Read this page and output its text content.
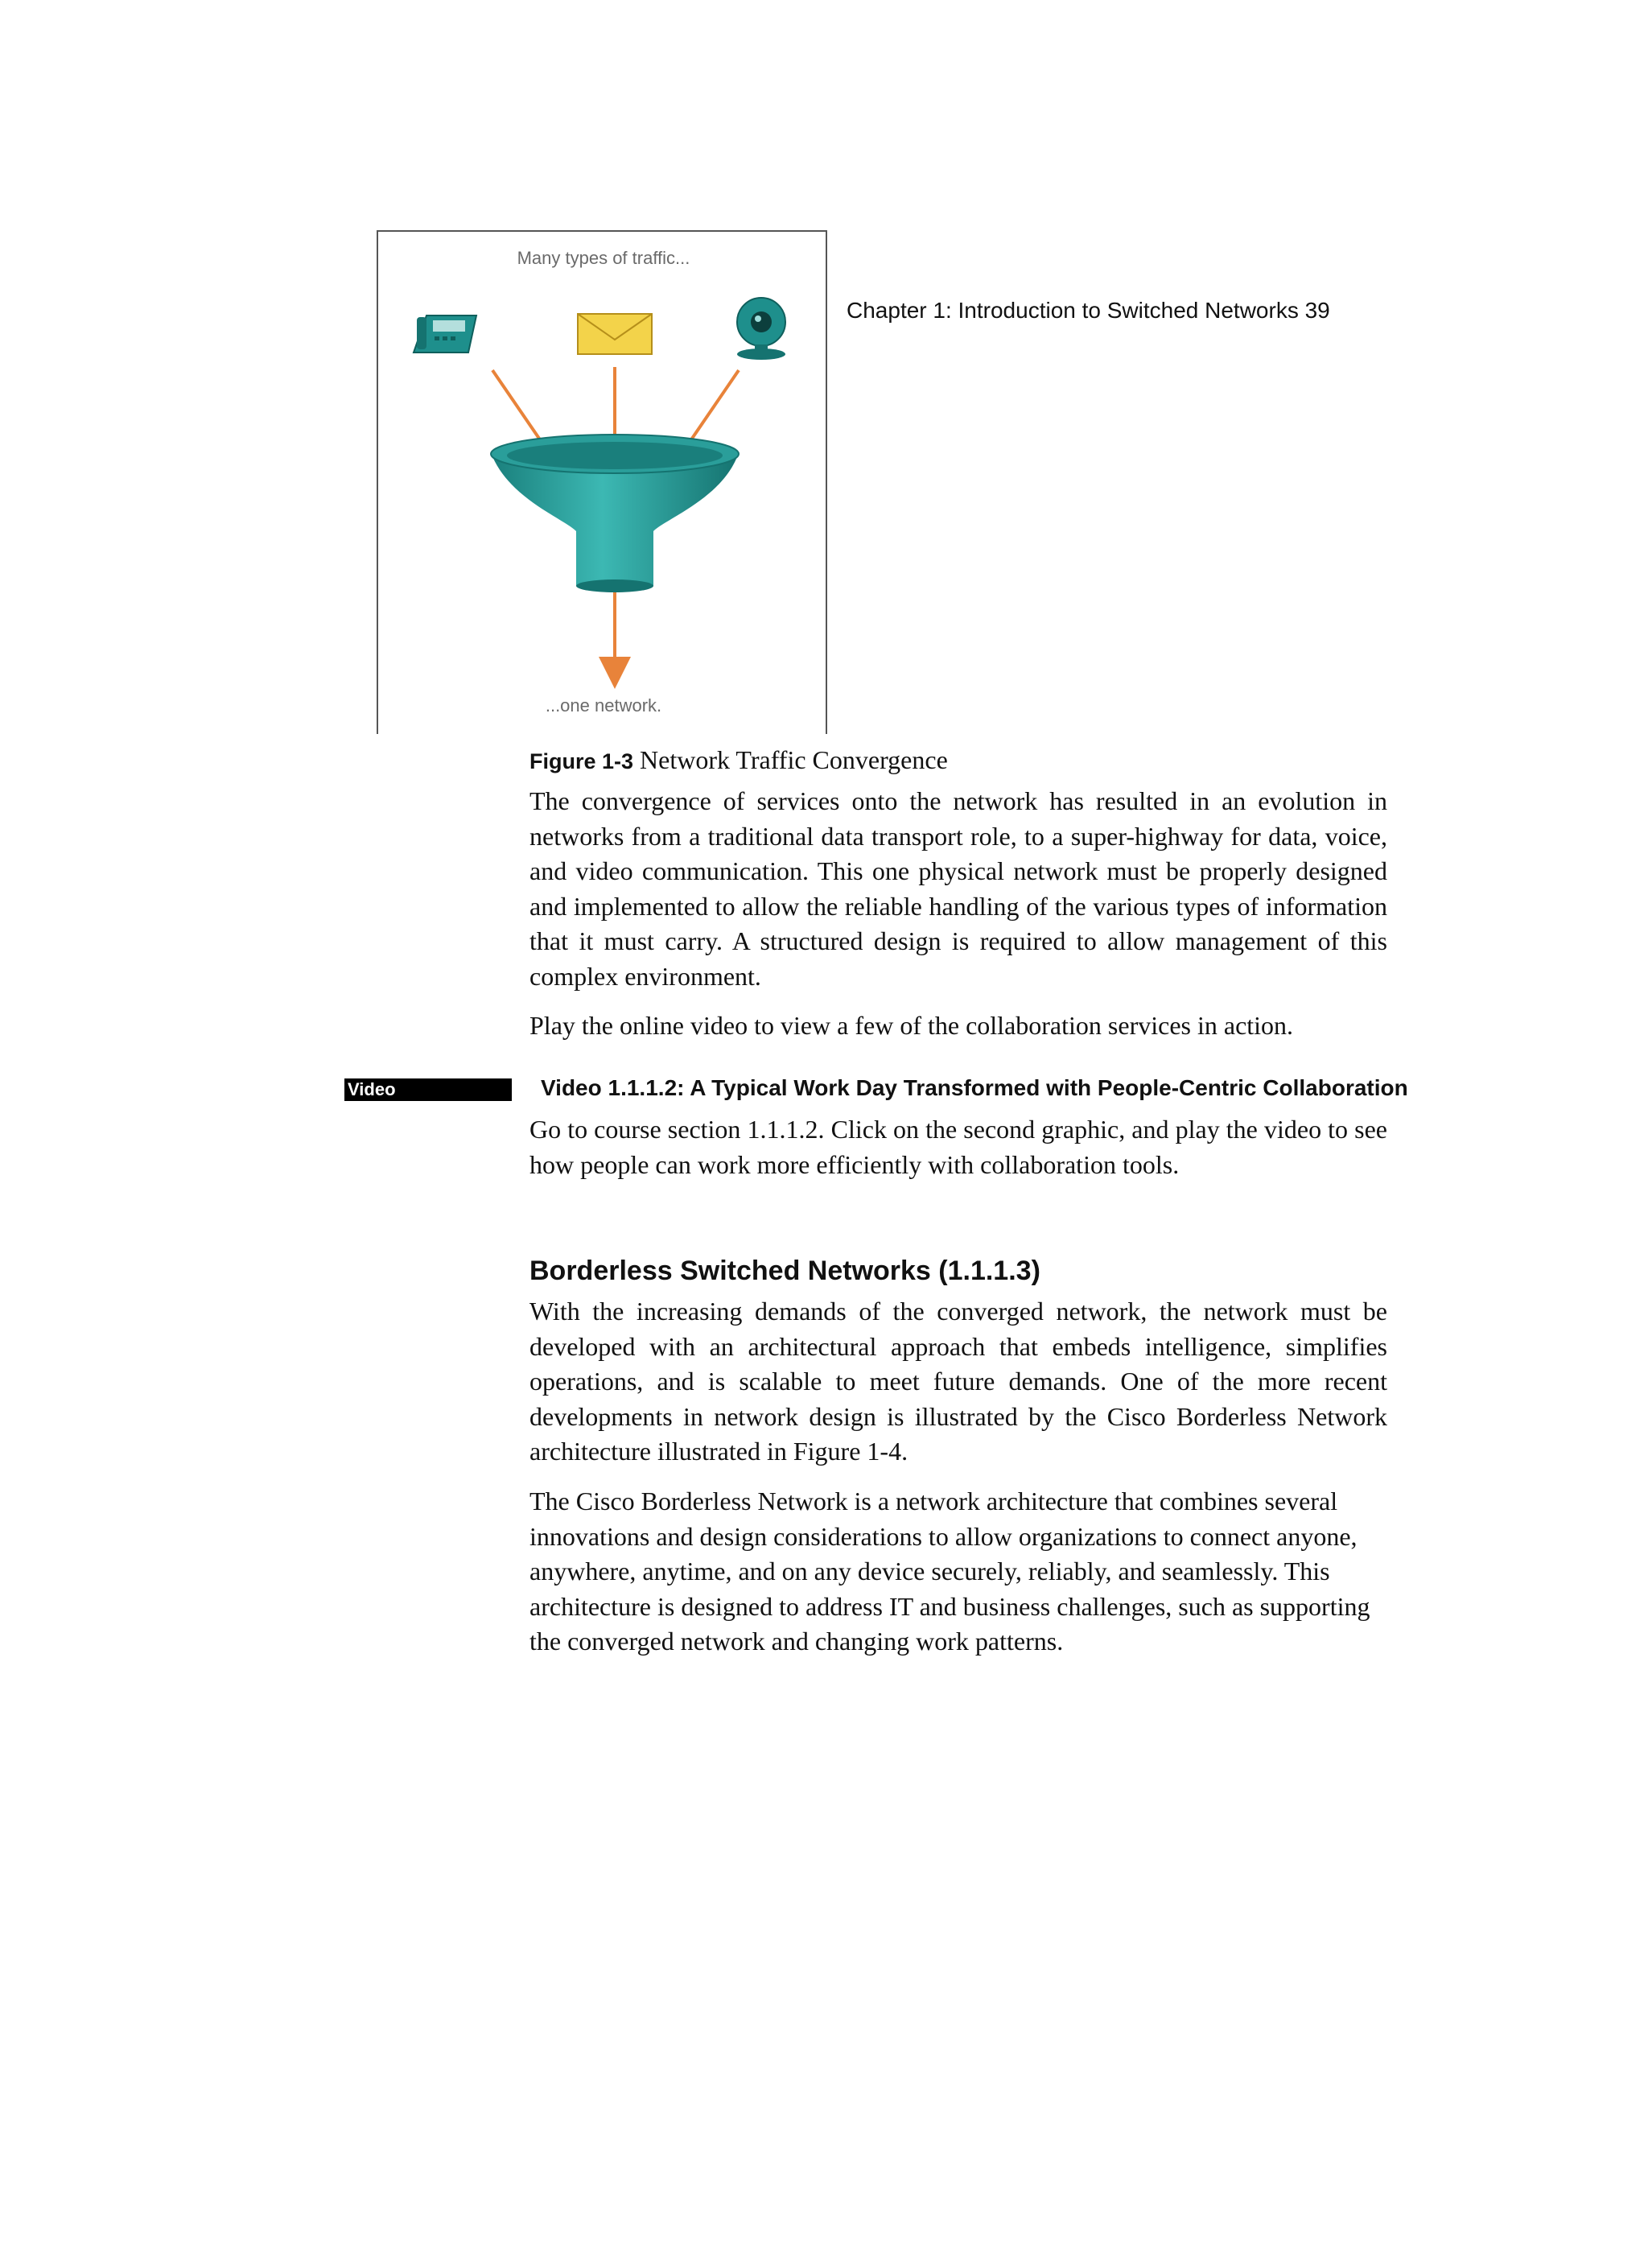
Many types of traffic...
...one network.
Chapter 1: Introduction to Switched Networks 39
Figure 1-3 Network Traffic Convergence

The convergence of services onto the network has resulted in an evolution in networks from a traditional data transport role, to a super-highway for data, voice, and video communication. This one physical network must be properly designed and implemented to allow the reliable handling of the various types of information that it must carry. A structured design is required to allow management of this complex environment.

Play the online video to view a few of the collaboration services in action.

Video	Video 1.1.1.2: A Typical Work Day Transformed with People-Centric Collaboration

Go to course section 1.1.1.2. Click on the second graphic, and play the video to see how people can work more efficiently with collaboration tools.

Borderless Switched Networks (1.1.1.3)

With the increasing demands of the converged network, the network must be developed with an architectural approach that embeds intelligence, simplifies operations, and is scalable to meet future demands. One of the more recent developments in network design is illustrated by the Cisco Borderless Network architecture illustrated in Figure 1-4.

The Cisco Borderless Network is a network architecture that combines several innovations and design considerations to allow organizations to connect anyone, anywhere, anytime, and on any device securely, reliably, and seamlessly. This architecture is designed to address IT and business challenges, such as supporting the converged network and changing work patterns.
